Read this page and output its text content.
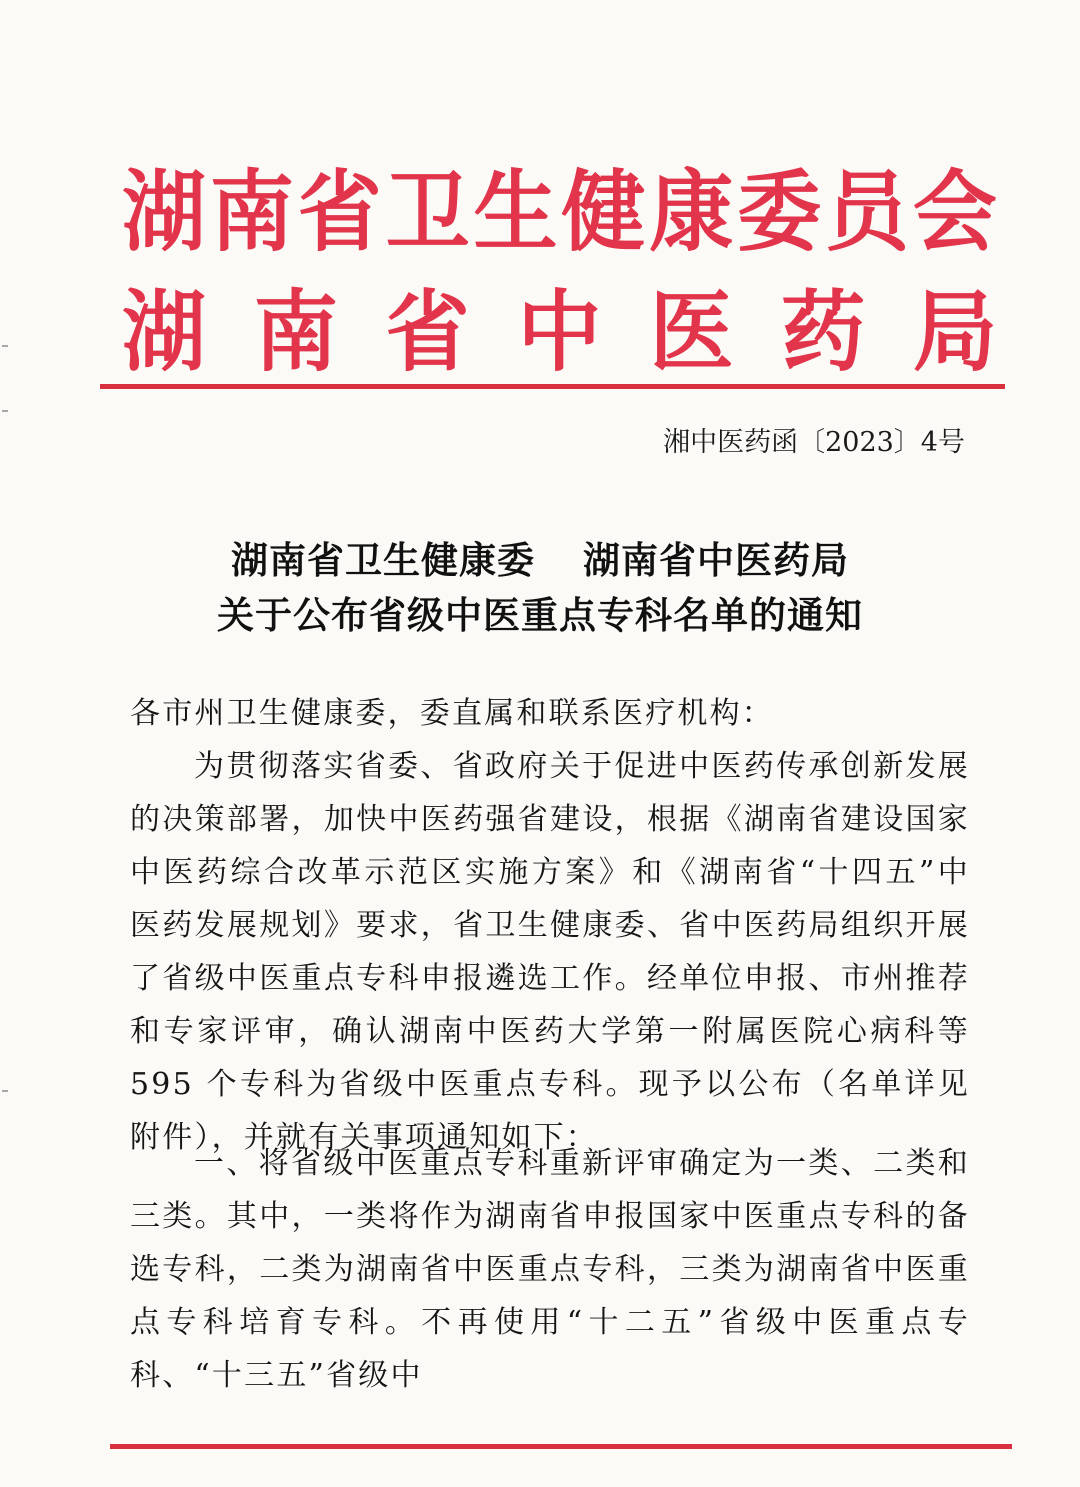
湖 南 省 卫 生 健 康 委 员 会
湖 南 省 中 医 药 局
湘中医药函〔2023〕4号
湖南省卫生健康委 湖南省中医药局
关于公布省级中医重点专科名单的通知
各市州卫生健康委，委直属和联系医疗机构：
为贯彻落实省委、省政府关于促进中医药传承创新发展的决策部署，加快中医药强省建设，根据《湖南省建设国家中医药综合改革示范区实施方案》和《湖南省“十四五”中医药发展规划》要求，省卫生健康委、省中医药局组织开展了省级中医重点专科申报遴选工作。经单位申报、市州推荐和专家评审，确认湖南中医药大学第一附属医院心病科等 595 个专科为省级中医重点专科。现予以公布（名单详见附件），并就有关事项通知如下：
一、将省级中医重点专科重新评审确定为一类、二类和三类。其中，一类将作为湖南省申报国家中医重点专科的备选专科，二类为湖南省中医重点专科，三类为湖南省中医重点专科培育专科。不再使用“十二五”省级中医重点专科、“十三五”省级中
